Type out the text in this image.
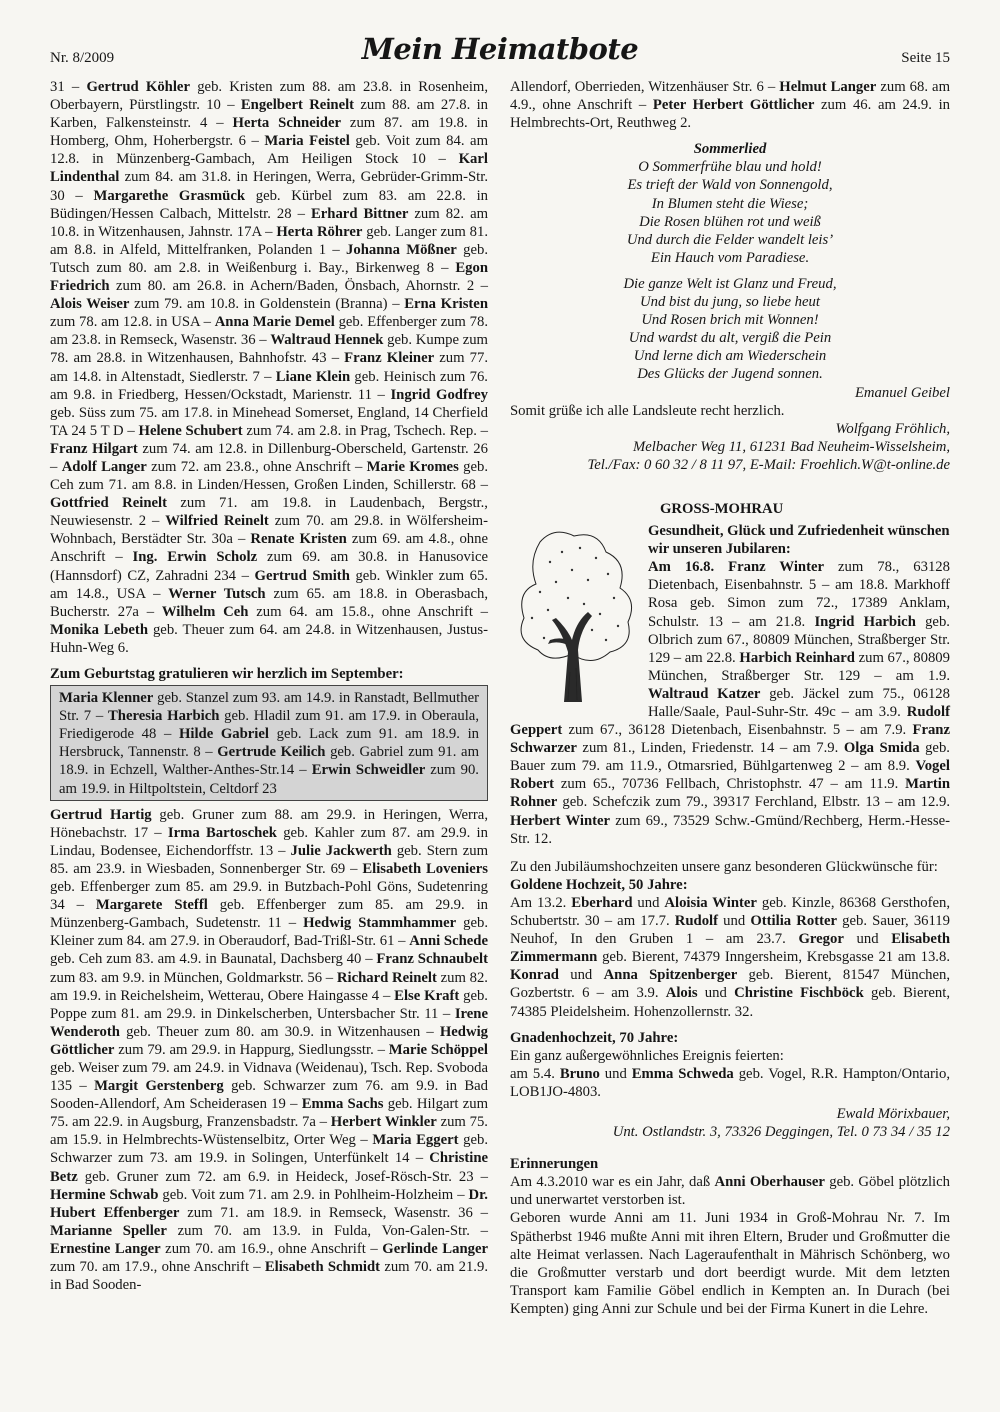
Nr. 8/2009	Mein Heimatbote	Seite 15

31 – Gertrud Köhler geb. Kristen zum 88. am 23.8. in Rosenheim, Oberbayern, Pürstlingstr. 10 – Engelbert Reinelt zum 88. am 27.8. in Karben, Falkensteinstr. 4 – Herta Schneider zum 87. am 19.8. in Homberg, Ohm, Hoherbergstr. 6 – Maria Feistel geb. Voit zum 84. am 12.8. in Münzenberg-Gambach, Am Heiligen Stock 10 – Karl Lindenthal zum 84. am 31.8. in Heringen, Werra, Gebrüder-Grimm-Str. 30 – Margarethe Grasmück geb. Kürbel zum 83. am 22.8. in Büdingen/Hessen Calbach, Mittelstr. 28 – Erhard Bittner zum 82. am 10.8. in Witzenhausen, Jahnstr. 17A – Herta Röhrer geb. Langer zum 81. am 8.8. in Alfeld, Mittelfranken, Polanden 1 – Johanna Mößner geb. Tutsch zum 80. am 2.8. in Weißenburg i. Bay., Birkenweg 8 – Egon Friedrich zum 80. am 26.8. in Achern/Baden, Önsbach, Ahornstr. 2 – Alois Weiser zum 79. am 10.8. in Goldenstein (Branna) – Erna Kristen zum 78. am 12.8. in USA – Anna Marie Demel geb. Effenberger zum 78. am 23.8. in Remseck, Wasenstr. 36 – Waltraud Hennek geb. Kumpe zum 78. am 28.8. in Witzenhausen, Bahnhofstr. 43 – Franz Kleiner zum 77. am 14.8. in Altenstadt, Siedlerstr. 7 – Liane Klein geb. Heinisch zum 76. am 9.8. in Friedberg, Hessen/Ockstadt, Marienstr. 11 – Ingrid Godfrey geb. Süss zum 75. am 17.8. in Minehead Somerset, England, 14 Cherfield TA 24 5 T D – Helene Schubert zum 74. am 2.8. in Prag, Tschech. Rep. – Franz Hilgart zum 74. am 12.8. in Dillenburg-Oberscheld, Gartenstr. 26 – Adolf Langer zum 72. am 23.8., ohne Anschrift – Marie Kromes geb. Ceh zum 71. am 8.8. in Linden/Hessen, Großen Linden, Schillerstr. 68 – Gottfried Reinelt zum 71. am 19.8. in Laudenbach, Bergstr., Neuwiesenstr. 2 – Wilfried Reinelt zum 70. am 29.8. in Wölfersheim-Wohnbach, Berstädter Str. 30a – Renate Kristen zum 69. am 4.8., ohne Anschrift – Ing. Erwin Scholz zum 69. am 30.8. in Hanusovice (Hannsdorf) CZ, Zahradni 234 – Gertrud Smith geb. Winkler zum 65. am 14.8., USA – Werner Tutsch zum 65. am 18.8. in Oberasbach, Bucherstr. 27a – Wilhelm Ceh zum 64. am 15.8., ohne Anschrift – Monika Lebeth geb. Theuer zum 64. am 24.8. in Witzenhausen, Justus-Huhn-Weg 6.

Zum Geburtstag gratulieren wir herzlich im September:
Maria Klenner geb. Stanzel zum 93. am 14.9. in Ranstadt, Bellmuther Str. 7 – Theresia Harbich geb. Hladil zum 91. am 17.9. in Oberaula, Friedigerode 48 – Hilde Gabriel geb. Lack zum 91. am 18.9. in Hersbruck, Tannenstr. 8 – Gertrude Keilich geb. Gabriel zum 91. am 18.9. in Echzell, Walther-Anthes-Str.14 – Erwin Schweidler zum 90. am 19.9. in Hiltpoltstein, Celtdorf 23

Gertrud Hartig geb. Gruner zum 88. am 29.9. in Heringen, Werra, Hönebachstr. 17 – Irma Bartoschek geb. Kahler zum 87. am 29.9. in Lindau, Bodensee, Eichendorffstr. 13 – Julie Jackwerth geb. Stern zum 85. am 23.9. in Wiesbaden, Sonnenberger Str. 69 – Elisabeth Loveniers geb. Effenberger zum 85. am 29.9. in Butzbach-Pohl Göns, Sudetenring 34 – Margarete Steffl geb. Effenberger zum 85. am 29.9. in Münzenberg-Gambach, Sudetenstr. 11 – Hedwig Stammhammer geb. Kleiner zum 84. am 27.9. in Oberaudorf, Bad-Trißl-Str. 61 – Anni Schede geb. Ceh zum 83. am 4.9. in Baunatal, Dachsberg 40 – Franz Schnaubelt zum 83. am 9.9. in München, Goldmarkstr. 56 – Richard Reinelt zum 82. am 19.9. in Reichelsheim, Wetterau, Obere Haingasse 4 – Else Kraft geb. Poppe zum 81. am 29.9. in Dinkelscherben, Untersbacher Str. 11 – Irene Wenderoth geb. Theuer zum 80. am 30.9. in Witzenhausen – Hedwig Göttlicher zum 79. am 29.9. in Happurg, Siedlungsstr. – Marie Schöppel geb. Weiser zum 79. am 24.9. in Vidnava (Weidenau), Tsch. Rep. Svoboda 135 – Margit Gerstenberg geb. Schwarzer zum 76. am 9.9. in Bad Sooden-Allendorf, Am Scheiderasen 19 – Emma Sachs geb. Hilgart zum 75. am 22.9. in Augsburg, Franzensbadstr. 7a – Herbert Winkler zum 75. am 15.9. in Helmbrechts-Wüstenselbitz, Orter Weg – Maria Eggert geb. Schwarzer zum 73. am 19.9. in Solingen, Unterfünkelt 14 – Christine Betz geb. Gruner zum 72. am 6.9. in Heideck, Josef-Rösch-Str. 23 – Hermine Schwab geb. Voit zum 71. am 2.9. in Pohlheim-Holzheim – Dr. Hubert Effenberger zum 71. am 18.9. in Remseck, Wasenstr. 36 – Marianne Speller zum 70. am 13.9. in Fulda, Von-Galen-Str. – Ernestine Langer zum 70. am 16.9., ohne Anschrift – Gerlinde Langer zum 70. am 17.9., ohne Anschrift – Elisabeth Schmidt zum 70. am 21.9. in Bad Sooden-

Allendorf, Oberrieden, Witzenhäuser Str. 6 – Helmut Langer zum 68. am 4.9., ohne Anschrift – Peter Herbert Göttlicher zum 46. am 24.9. in Helmbrechts-Ort, Reuthweg 2.

Sommerlied
O Sommerfrühe blau und hold!
Es trieft der Wald von Sonnengold,
In Blumen steht die Wiese;
Die Rosen blühen rot und weiß
Und durch die Felder wandelt leis’
Ein Hauch vom Paradiese.
Die ganze Welt ist Glanz und Freud,
Und bist du jung, so liebe heut
Und Rosen brich mit Wonnen!
Und wardst du alt, vergiß die Pein
Und lerne dich am Wiederschein
Des Glücks der Jugend sonnen.
Emanuel Geibel

Somit grüße ich alle Landsleute recht herzlich.

Wolfgang Fröhlich,
Melbacher Weg 11, 61231 Bad Neuheim-Wisselsheim,
Tel./Fax: 0 60 32 / 8 11 97, E-Mail: Froehlich.W@t-online.de
GROSS-MOHRAU

Gesundheit, Glück und Zufriedenheit wünschen wir unseren Jubilaren:

Am 16.8. Franz Winter zum 78., 63128 Dietenbach, Eisenbahnstr. 5 – am 18.8. Markhoff Rosa geb. Simon zum 72., 17389 Anklam, Schulstr. 13 – am 21.8. Ingrid Harbich geb. Olbrich zum 67., 80809 München, Straßberger Str. 129 – am 22.8. Harbich Reinhard zum 67., 80809 München, Straßberger Str. 129 – am 1.9. Waltraud Katzer geb. Jäckel zum 75., 06128 Halle/Saale, Paul-Suhr-Str. 49c – am 3.9. Rudolf Geppert zum 67., 36128 Dietenbach, Eisenbahnstr. 5 – am 7.9. Franz Schwarzer zum 81., Linden, Friedenstr. 14 – am 7.9. Olga Smida geb. Bauer zum 79. am 11.9., Otmarsried, Bühlgartenweg 2 – am 8.9. Vogel Robert zum 65., 70736 Fellbach, Christophstr. 47 – am 11.9. Martin Rohner geb. Schefczik zum 79., 39317 Ferchland, Elbstr. 13 – am 12.9. Herbert Winter zum 69., 73529 Schw.-Gmünd/Rechberg, Herm.-Hesse-Str. 12.

Zu den Jubiläumshochzeiten unsere ganz besonderen Glückwünsche für:

Goldene Hochzeit, 50 Jahre:

Am 13.2. Eberhard und Aloisia Winter geb. Kinzle, 86368 Gersthofen, Schubertstr. 30 – am 17.7. Rudolf und Ottilia Rotter geb. Sauer, 36119 Neuhof, In den Gruben 1 – am 23.7. Gregor und Elisabeth Zimmermann geb. Bierent, 74379 Inngersheim, Krebsgasse 21 am 13.8. Konrad und Anna Spitzenberger geb. Bierent, 81547 München, Gozbertstr. 6 – am 3.9. Alois und Christine Fischböck geb. Bierent, 74385 Pleidelsheim. Hohenzollernstr. 32.

Gnadenhochzeit, 70 Jahre:

Ein ganz außergewöhnliches Ereignis feierten:

am 5.4. Bruno und Emma Schweda geb. Vogel, R.R. Hampton/Ontario, LOB1JO-4803.

Ewald Mörixbauer,
Unt. Ostlandstr. 3, 73326 Deggingen, Tel. 0 73 34 / 35 12
Erinnerungen

Am 4.3.2010 war es ein Jahr, daß Anni Oberhauser geb. Göbel plötzlich und unerwartet verstorben ist.

Geboren wurde Anni am 11. Juni 1934 in Groß-Mohrau Nr. 7. Im Spätherbst 1946 mußte Anni mit ihren Eltern, Bruder und Großmutter die alte Heimat verlassen. Nach Lageraufenthalt in Mährisch Schönberg, wo die Großmutter verstarb und dort beerdigt wurde. Mit dem letzten Transport kam Familie Göbel endlich in Kempten an. In Durach (bei Kempten) ging Anni zur Schule und bei der Firma Kunert in die Lehre.
